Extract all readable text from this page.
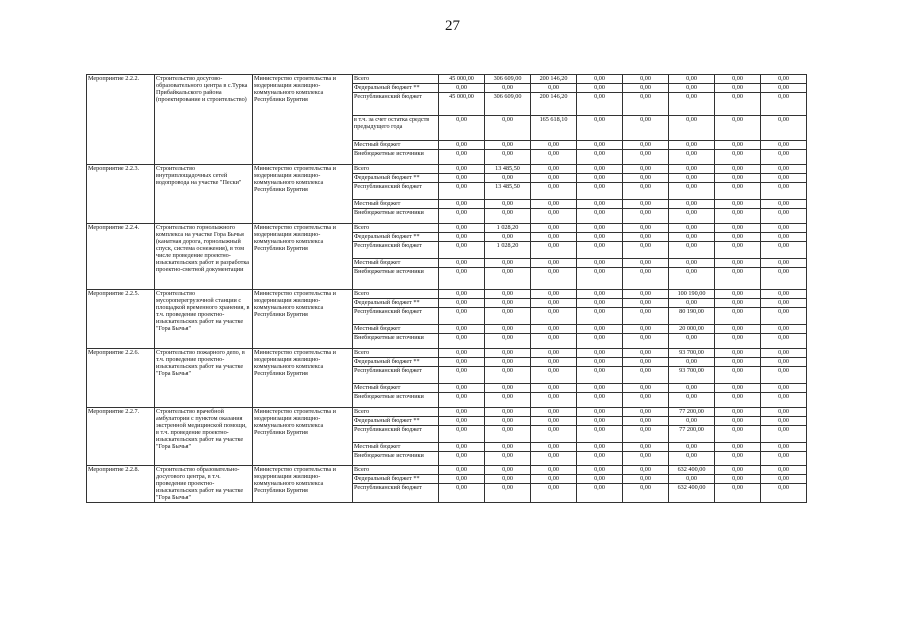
27
Мероприятие 2.2.2.	Строительство досугово-образовательного центра в с.Турка Прибайкальского района (проектирование и строительство)	Министерство строительства и модернизации жилищно-коммунального комплекса Республики Бурятия	Всего	45 000,00	306 609,00	200 146,20	0,00	0,00	0,00	0,00	0,00
			Федеральный бюджет **	0,00	0,00	0,00	0,00	0,00	0,00	0,00	0,00
			Республиканский бюджет	45 000,00	306 609,00	200 146,20	0,00	0,00	0,00	0,00	0,00
			в т.ч. за счет остатка средств предыдущего года	0,00	0,00	165 618,10	0,00	0,00	0,00	0,00	0,00
			Местный бюджет	0,00	0,00	0,00	0,00	0,00	0,00	0,00	0,00
			Внебюджетные источники	0,00	0,00	0,00	0,00	0,00	0,00	0,00	0,00
Мероприятие 2.2.3.	Строительство внутриплощадочных сетей водопровода на участке "Пески"	Министерство строительства и модернизации жилищно-коммунального комплекса Республики Бурятия	Всего	0,00	13 485,50	0,00	0,00	0,00	0,00	0,00	0,00
			Федеральный бюджет **	0,00	0,00	0,00	0,00	0,00	0,00	0,00	0,00
			Республиканский бюджет	0,00	13 485,50	0,00	0,00	0,00	0,00	0,00	0,00
			Местный бюджет	0,00	0,00	0,00	0,00	0,00	0,00	0,00	0,00
			Внебюджетные источники	0,00	0,00	0,00	0,00	0,00	0,00	0,00	0,00
Мероприятие 2.2.4.	Строительство горнолыжного комплекса на участке Гора Бычья (канатная дорога, горнолыжный спуск, система оснежения), в том числе проведение проектно-изыскательских работ и разработка проектно-сметной документации	Министерство строительства и модернизации жилищно-коммунального комплекса Республики Бурятия	Всего	0,00	1 028,20	0,00	0,00	0,00	0,00	0,00	0,00
			Федеральный бюджет **	0,00	0,00	0,00	0,00	0,00	0,00	0,00	0,00
			Республиканский бюджет	0,00	1 028,20	0,00	0,00	0,00	0,00	0,00	0,00
			Местный бюджет	0,00	0,00	0,00	0,00	0,00	0,00	0,00	0,00
			Внебюджетные источники	0,00	0,00	0,00	0,00	0,00	0,00	0,00	0,00
Мероприятие 2.2.5.	Строительство мусороперегрузочной станции с площадкой временного хранения, в т.ч. проведение проектно-изыскательских работ на участке "Гора Бычья"	Министерство строительства и модернизации жилищно-коммунального комплекса Республики Бурятия	Всего	0,00	0,00	0,00	0,00	0,00	100 190,00	0,00	0,00
			Федеральный бюджет **	0,00	0,00	0,00	0,00	0,00	0,00	0,00	0,00
			Республиканский бюджет	0,00	0,00	0,00	0,00	0,00	80 190,00	0,00	0,00
			Местный бюджет	0,00	0,00	0,00	0,00	0,00	20 000,00	0,00	0,00
			Внебюджетные источники	0,00	0,00	0,00	0,00	0,00	0,00	0,00	0,00
Мероприятие 2.2.6.	Строительство пожарного депо, в т.ч. проведение проектно-изыскательских работ на участке "Гора Бычья"	Министерство строительства и модернизации жилищно-коммунального комплекса Республики Бурятия	Всего	0,00	0,00	0,00	0,00	0,00	93 700,00	0,00	0,00
			Федеральный бюджет **	0,00	0,00	0,00	0,00	0,00	0,00	0,00	0,00
			Республиканский бюджет	0,00	0,00	0,00	0,00	0,00	93 700,00	0,00	0,00
			Местный бюджет	0,00	0,00	0,00	0,00	0,00	0,00	0,00	0,00
			Внебюджетные источники	0,00	0,00	0,00	0,00	0,00	0,00	0,00	0,00
Мероприятие 2.2.7.	Строительство врачебной амбулатории с пунктом оказания экстренной медицинской помощи, в т.ч. проведение проектно-изыскательских работ на участке "Гора Бычья"	Министерство строительства и модернизации жилищно-коммунального комплекса Республики Бурятия	Всего	0,00	0,00	0,00	0,00	0,00	77 200,00	0,00	0,00
			Федеральный бюджет **	0,00	0,00	0,00	0,00	0,00	0,00	0,00	0,00
			Республиканский бюджет	0,00	0,00	0,00	0,00	0,00	77 200,00	0,00	0,00
			Местный бюджет	0,00	0,00	0,00	0,00	0,00	0,00	0,00	0,00
			Внебюджетные источники	0,00	0,00	0,00	0,00	0,00	0,00	0,00	0,00
Мероприятие 2.2.8.	Строительство образовательно-досугового центра, в т.ч. проведение проектно-изыскательских работ на участке "Гора Бычья"	Министерство строительства и модернизации жилищно-коммунального комплекса Республики Бурятия	Всего	0,00	0,00	0,00	0,00	0,00	632 400,00	0,00	0,00
			Федеральный бюджет **	0,00	0,00	0,00	0,00	0,00	0,00	0,00	0,00
			Республиканский бюджет	0,00	0,00	0,00	0,00	0,00	632 400,00	0,00	0,00
